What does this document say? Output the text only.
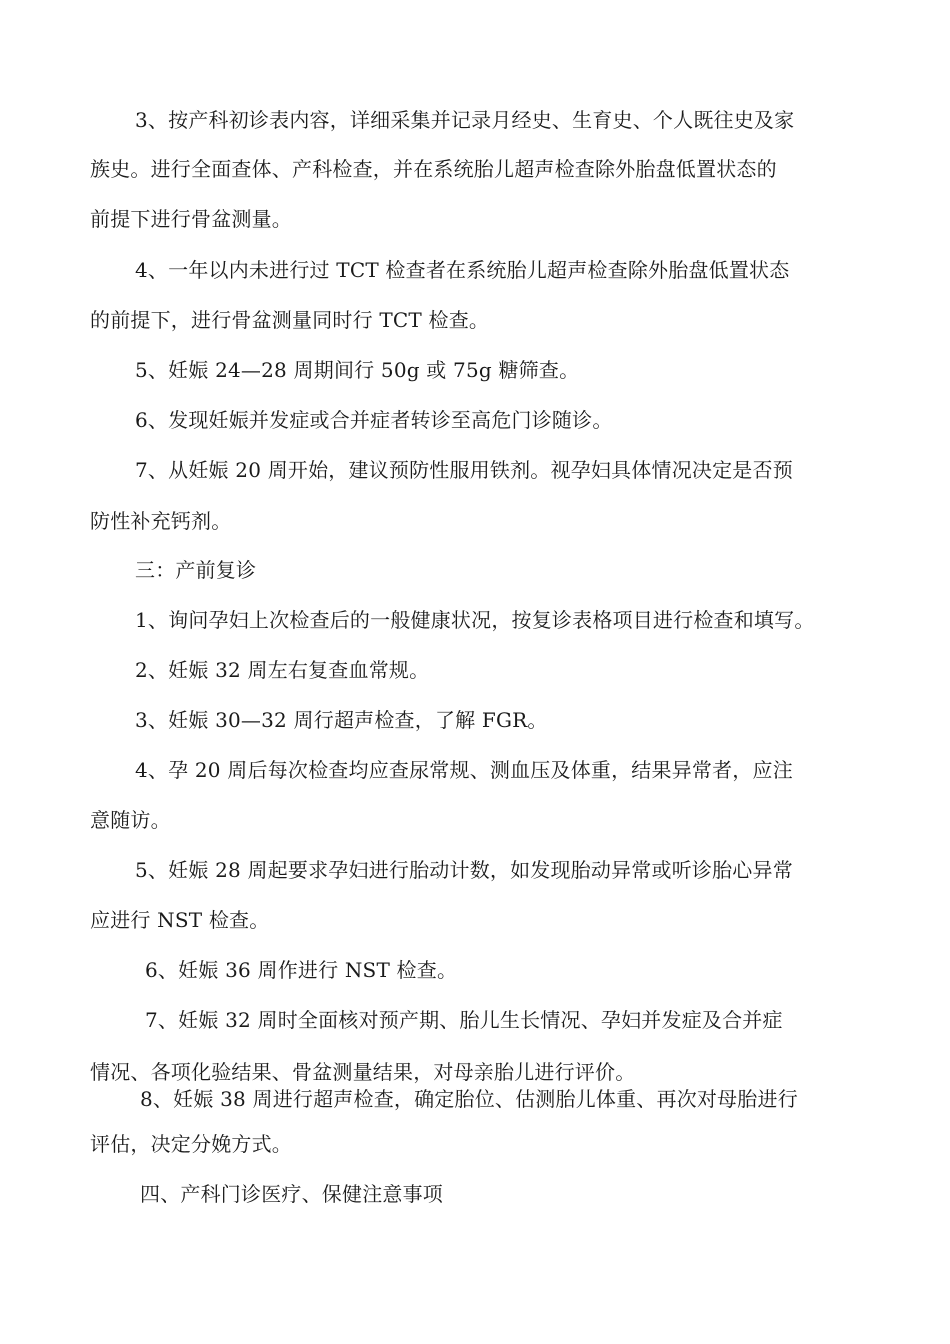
3、按产科初诊表内容，详细采集并记录月经史、生育史、个人既往史及家
族史。进行全面查体、产科检查，并在系统胎儿超声检查除外胎盘低置状态的
前提下进行骨盆测量。
4、一年以内未进行过 TCT 检查者在系统胎儿超声检查除外胎盘低置状态
的前提下，进行骨盆测量同时行 TCT 检查。
5、妊娠 24—28 周期间行 50g 或 75g 糖筛查。
6、发现妊娠并发症或合并症者转诊至高危门诊随诊。
7、从妊娠 20 周开始，建议预防性服用铁剂。视孕妇具体情况决定是否预
防性补充钙剂。
三：产前复诊
1、询问孕妇上次检查后的一般健康状况，按复诊表格项目进行检查和填写。
2、妊娠 32 周左右复查血常规。
3、妊娠 30—32 周行超声检查，了解 FGR。
4、孕 20 周后每次检查均应查尿常规、测血压及体重，结果异常者，应注
意随访。
5、妊娠 28 周起要求孕妇进行胎动计数，如发现胎动异常或听诊胎心异常
应进行 NST 检查。
6、妊娠 36 周作进行 NST 检查。
7、妊娠 32 周时全面核对预产期、胎儿生长情况、孕妇并发症及合并症
情况、各项化验结果、骨盆测量结果，对母亲胎儿进行评价。
8、妊娠 38 周进行超声检查，确定胎位、估测胎儿体重、再次对母胎进行
评估，决定分娩方式。
四、产科门诊医疗、保健注意事项
